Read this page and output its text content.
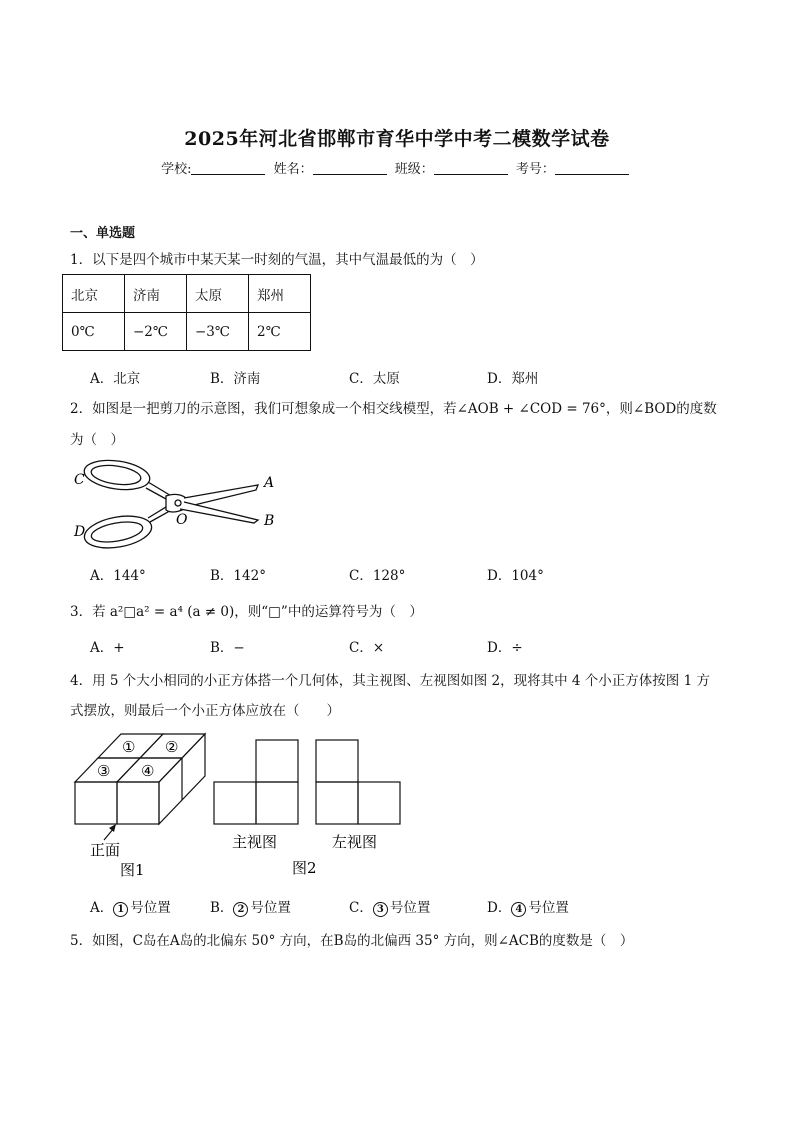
2025年河北省邯郸市育华中学中考二模数学试卷
学校:	姓名：	班级：	考号：
一、单选题
1．以下是四个城市中某天某一时刻的气温，其中气温最低的为（　）
北京	济南	太原	郑州
0℃	−2℃	−3℃	2℃
A．北京	B．济南	C．太原	D．郑州
2．如图是一把剪刀的示意图，我们可想象成一个相交线模型，若∠AOB + ∠COD = 76°，则∠BOD的度数
为（　）
C
D
A
B
O
A．144°	B．142°	C．128°	D．104°
3．若 a²□a² = a⁴ (a ≠ 0)，则“□”中的运算符号为（　）
A．+	B．−	C．×	D．÷
4．用 5 个大小相同的小正方体搭一个几何体，其主视图、左视图如图 2，现将其中 4 个小正方体按图 1 方
式摆放，则最后一个小正方体应放在（　　）
① ②
③ ④
正面
图1
主视图	左视图
图2
A． 1 号位置	B． 2 号位置	C． 3 号位置	D． 4 号位置
5．如图，C岛在A岛的北偏东 50° 方向，在B岛的北偏西 35° 方向，则∠ACB的度数是（　）
